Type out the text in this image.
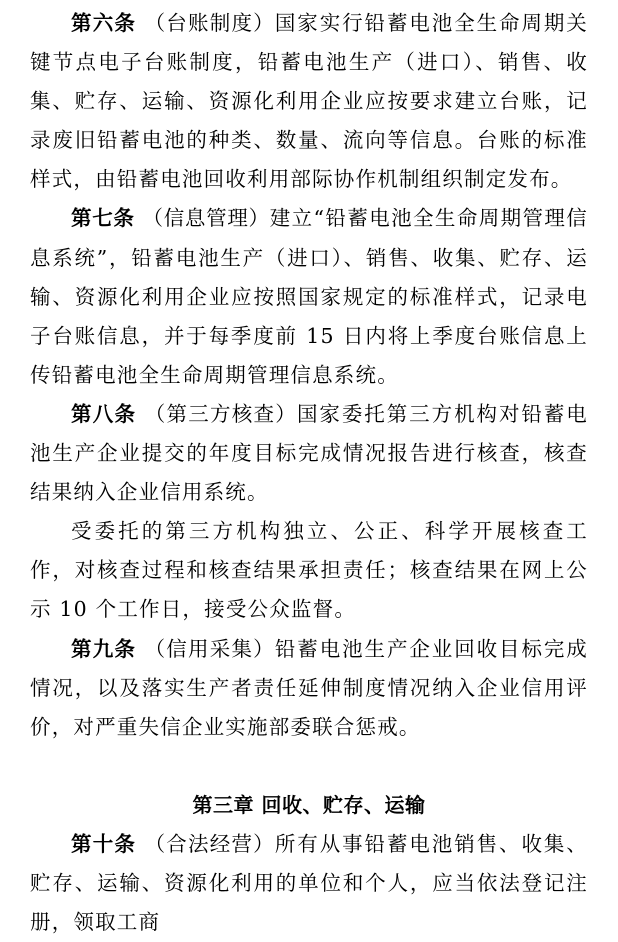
第六条 （台账制度）国家实行铅蓄电池全生命周期关键节点电子台账制度，铅蓄电池生产（进口）、销售、收集、贮存、运输、资源化利用企业应按要求建立台账，记录废旧铅蓄电池的种类、数量、流向等信息。台账的标准样式，由铅蓄电池回收利用部际协作机制组织制定发布。

第七条 （信息管理）建立“铅蓄电池全生命周期管理信息系统”，铅蓄电池生产（进口）、销售、收集、贮存、运输、资源化利用企业应按照国家规定的标准样式，记录电子台账信息，并于每季度前 15 日内将上季度台账信息上传铅蓄电池全生命周期管理信息系统。

第八条 （第三方核查）国家委托第三方机构对铅蓄电池生产企业提交的年度目标完成情况报告进行核查，核查结果纳入企业信用系统。

受委托的第三方机构独立、公正、科学开展核查工作，对核查过程和核查结果承担责任；核查结果在网上公示 10 个工作日，接受公众监督。

第九条 （信用采集）铅蓄电池生产企业回收目标完成情况，以及落实生产者责任延伸制度情况纳入企业信用评价，对严重失信企业实施部委联合惩戒。

第三章 回收、贮存、运输

第十条 （合法经营）所有从事铅蓄电池销售、收集、贮存、运输、资源化利用的单位和个人，应当依法登记注册，领取工商
